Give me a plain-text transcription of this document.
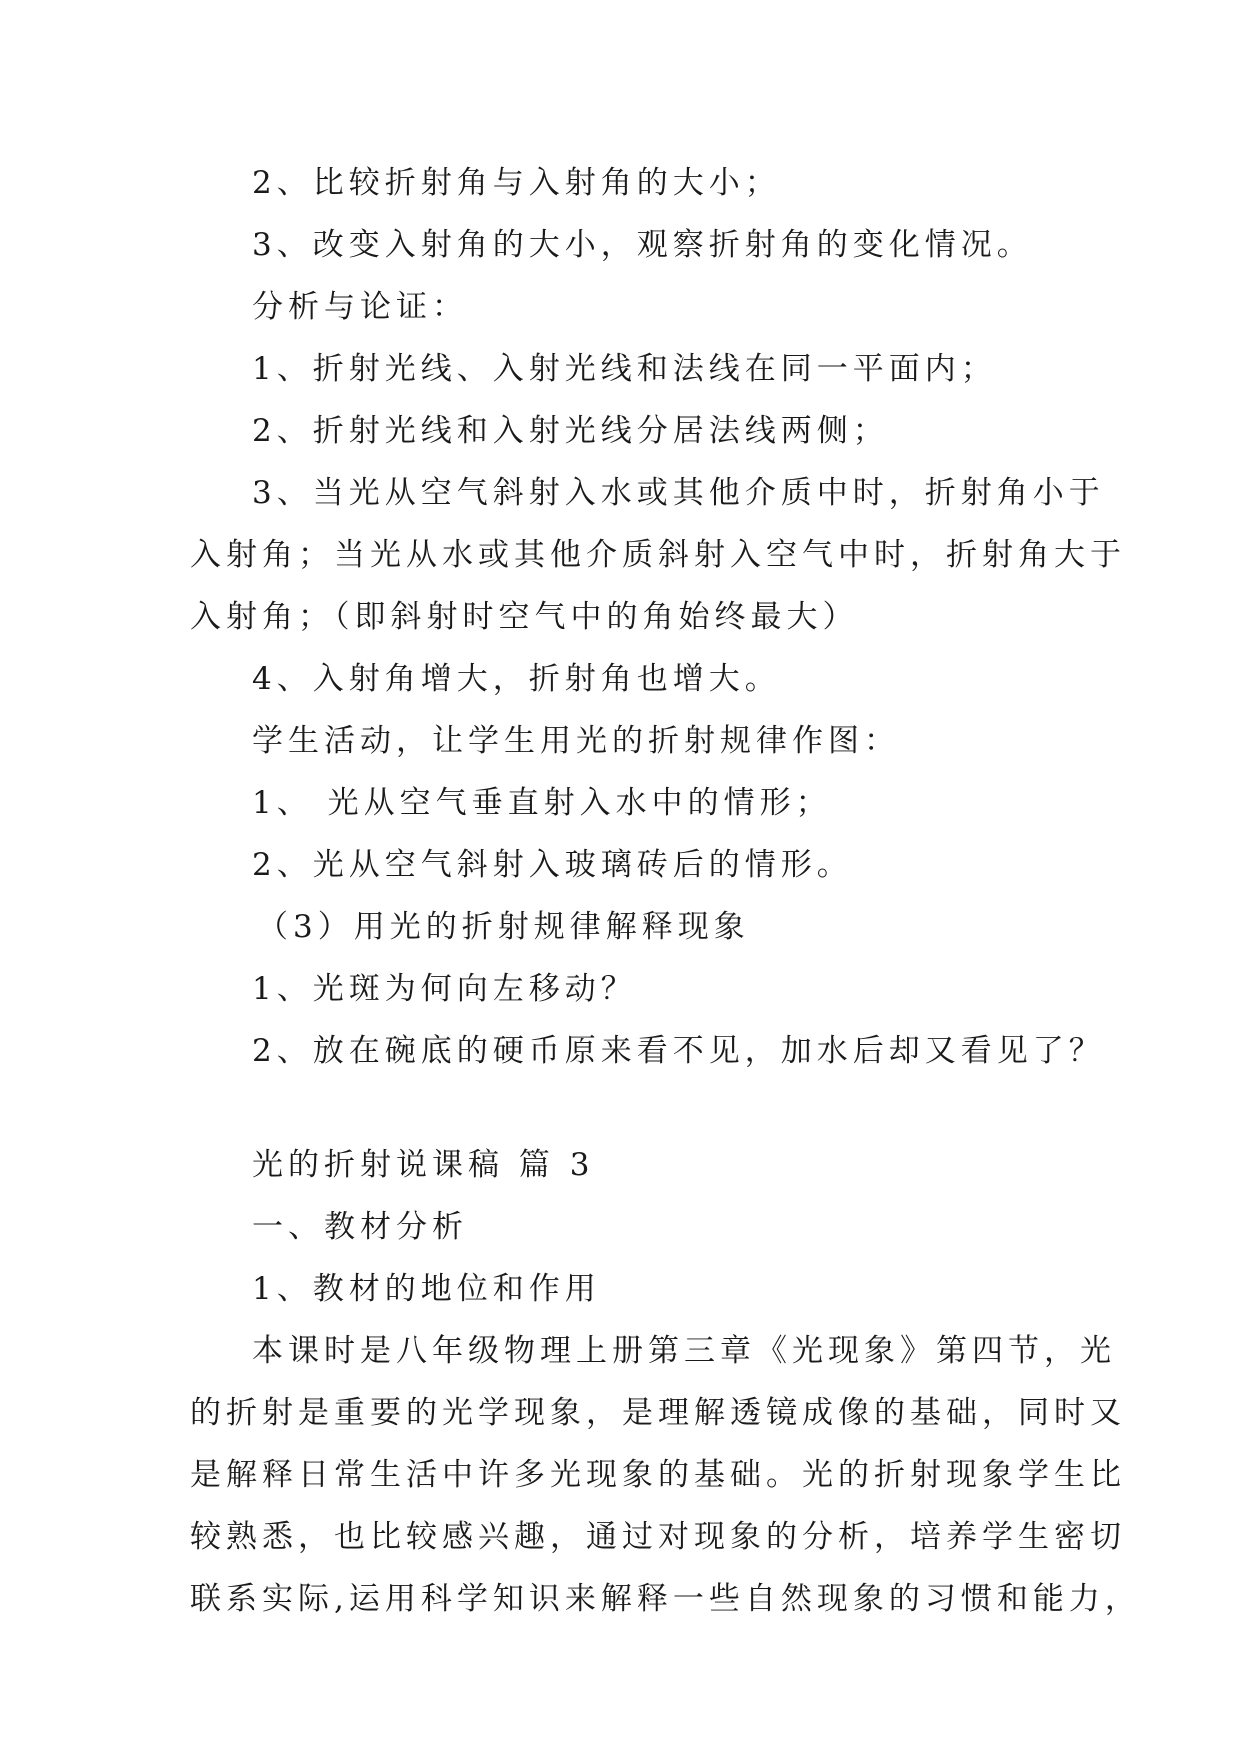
2、比较折射角与入射角的大小；
3、改变入射角的大小，观察折射角的变化情况。
分析与论证：
1、折射光线、入射光线和法线在同一平面内；
2、折射光线和入射光线分居法线两侧；
3、当光从空气斜射入水或其他介质中时，折射角小于
入射角；当光从水或其他介质斜射入空气中时，折射角大于
入射角；（即斜射时空气中的角始终最大）
4、入射角增大，折射角也增大。
学生活动，让学生用光的折射规律作图：
1、 光从空气垂直射入水中的情形；
2、光从空气斜射入玻璃砖后的情形。
（3）用光的折射规律解释现象
1、光斑为何向左移动？
2、放在碗底的硬币原来看不见，加水后却又看见了？
光的折射说课稿 篇 3
一、教材分析
1、教材的地位和作用
本课时是八年级物理上册第三章《光现象》第四节，光
的折射是重要的光学现象，是理解透镜成像的基础，同时又
是解释日常生活中许多光现象的基础。光的折射现象学生比
较熟悉，也比较感兴趣，通过对现象的分析，培养学生密切
联系实际,运用科学知识来解释一些自然现象的习惯和能力，
